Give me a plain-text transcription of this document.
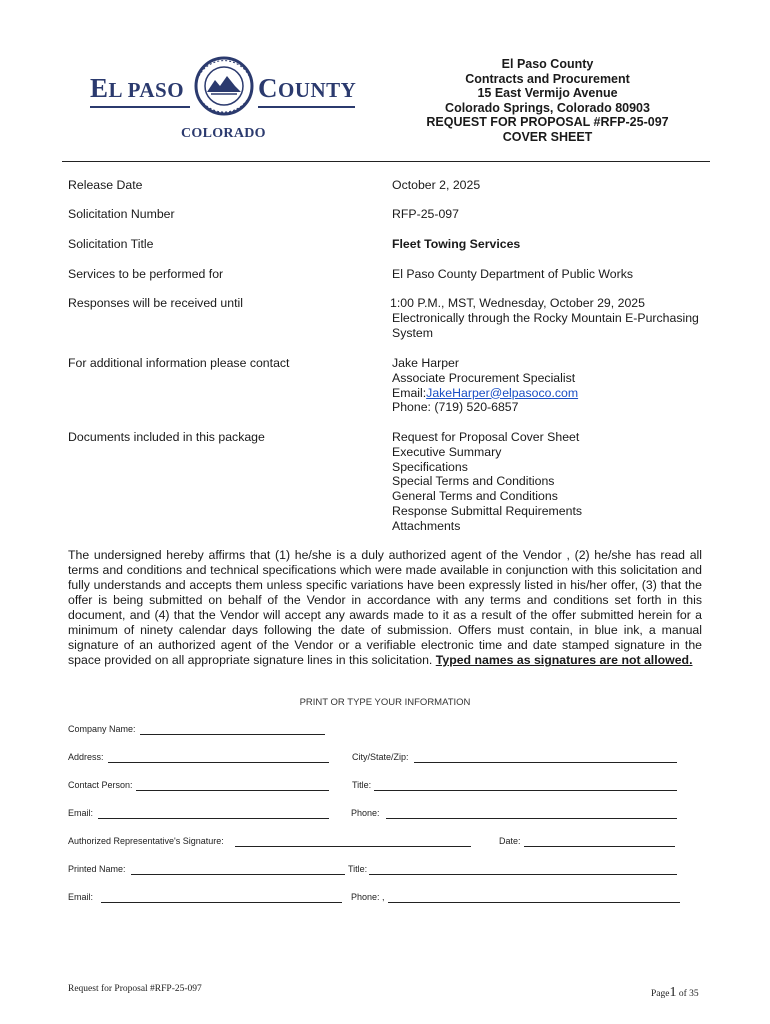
EL PASO	COUNTY
COLORADO
El Paso County
Contracts and Procurement
15 East Vermijo Avenue
Colorado Springs, Colorado 80903
REQUEST FOR PROPOSAL #RFP-25-097
COVER SHEET
Release Date	October 2, 2025
Solicitation Number	RFP-25-097
Solicitation Title	Fleet Towing Services
Services to be performed for	El Paso County Department of Public Works
Responses will be received until	1:00 P.M., MST, Wednesday, October 29, 2025
Electronically through the Rocky Mountain E-Purchasing
System
For additional information please contact	Jake Harper
Associate Procurement Specialist
Email:JakeHarper@elpasoco.com
Phone: (719) 520-6857
Documents included in this package	Request for Proposal Cover Sheet
Executive Summary
Specifications
Special Terms and Conditions
General Terms and Conditions
Response Submittal Requirements
Attachments
The undersigned hereby affirms that (1) he/she is a duly authorized agent of the Vendor , (2) he/she has read all terms and conditions and technical specifications which were made available in conjunction with this solicitation and fully understands and accepts them unless specific variations have been expressly listed in his/her offer, (3) that the offer is being submitted on behalf of the Vendor in accordance with any terms and conditions set forth in this document, and (4) that the Vendor will accept any awards made to it as a result of the offer submitted herein for a minimum of ninety calendar days following the date of submission. Offers must contain, in blue ink, a manual signature of an authorized agent of the Vendor or a verifiable electronic time and date stamped signature in the space provided on all appropriate signature lines in this solicitation. Typed names as signatures are not allowed.
PRINT OR TYPE YOUR INFORMATION
Company Name:
Address:	City/State/Zip:
Contact Person:	Title:
Email:	Phone:
Authorized Representative's Signature:	Date:
Printed Name:	Title:
Email:	Phone: ,
Request for Proposal #RFP-25-097	Page1 of 35
